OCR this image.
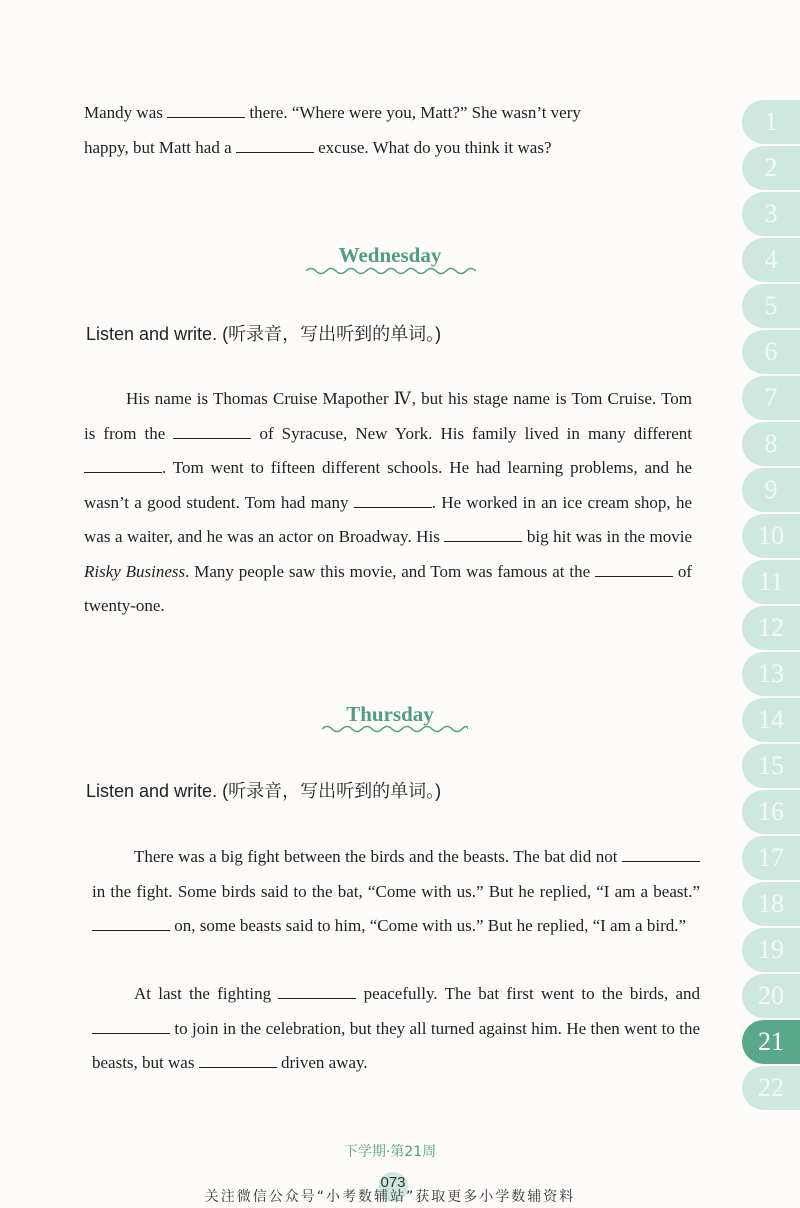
Mandy was	there. “Where were you, Matt?” She wasn’t very
happy, but Matt had a	excuse. What do you think it was?
Wednesday
Listen and write. (听录音，写出听到的单词。)
His name is Thomas Cruise Mapother Ⅳ, but his stage name is Tom Cruise. Tom is from the	of Syracuse, New York. His family lived in many different . Tom went to fifteen different schools. He had learning problems, and he wasn’t a good student. Tom had many	. He worked in an ice cream shop, he was a waiter, and he was an actor on Broadway. His	big hit was in the movie Risky Business. Many people saw this movie, and Tom was famous at the	of twenty-one.
Thursday
Listen and write. (听录音，写出听到的单词。)
There was a big fight between the birds and the beasts. The bat did not  in the fight. Some birds said to the bat, “Come with us.” But he replied, “I am a beast.”  on, some beasts said to him, “Come with us.” But he replied, “I am a bird.”
At last the fighting	peacefully. The bat first went to the birds, and  to join in the celebration, but they all turned against him. He then went to the beasts, but was	driven away.
1
2
3
4
5
6
7
8
9
10
11
12
13
14
15
16
17
18
19
20
21
22
下学期·第21周
073
关注微信公众号“小考数辅站”获取更多小学数辅资料
